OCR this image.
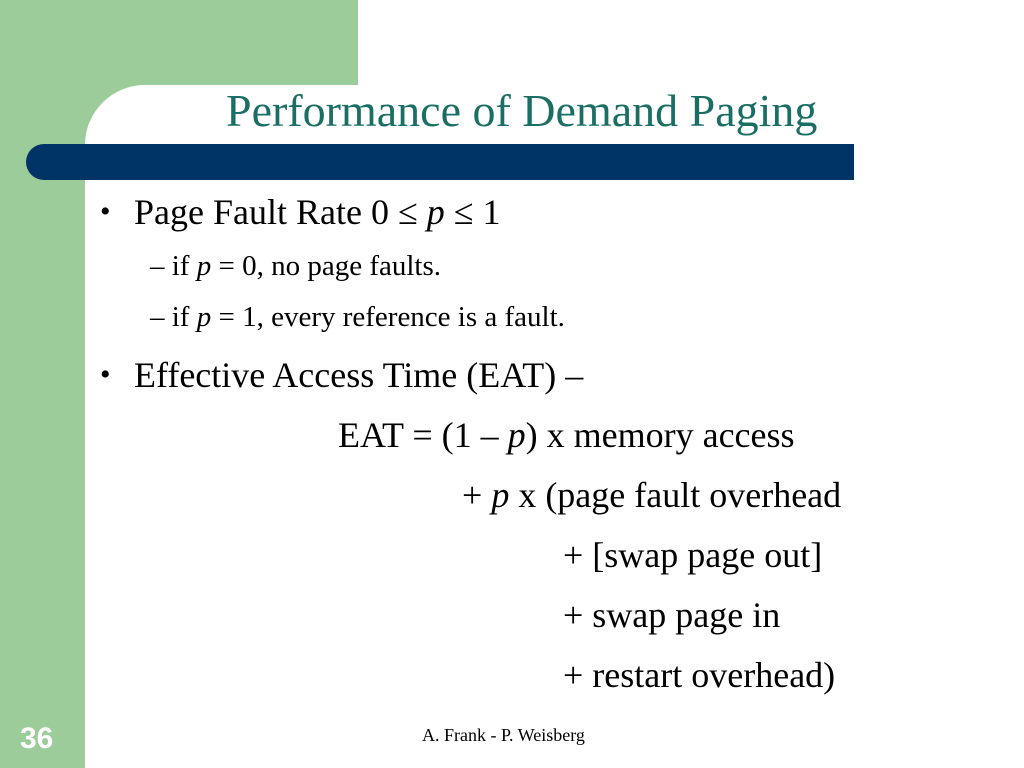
Performance of Demand Paging
• Page Fault Rate 0 ≤ p ≤ 1
– if p = 0, no page faults.
– if p = 1, every reference is a fault.
• Effective Access Time (EAT) –
EAT = (1 – p) x memory access
+ p x (page fault overhead
+ [swap page out]
+ swap page in
+ restart overhead)
36	A. Frank - P. Weisberg
